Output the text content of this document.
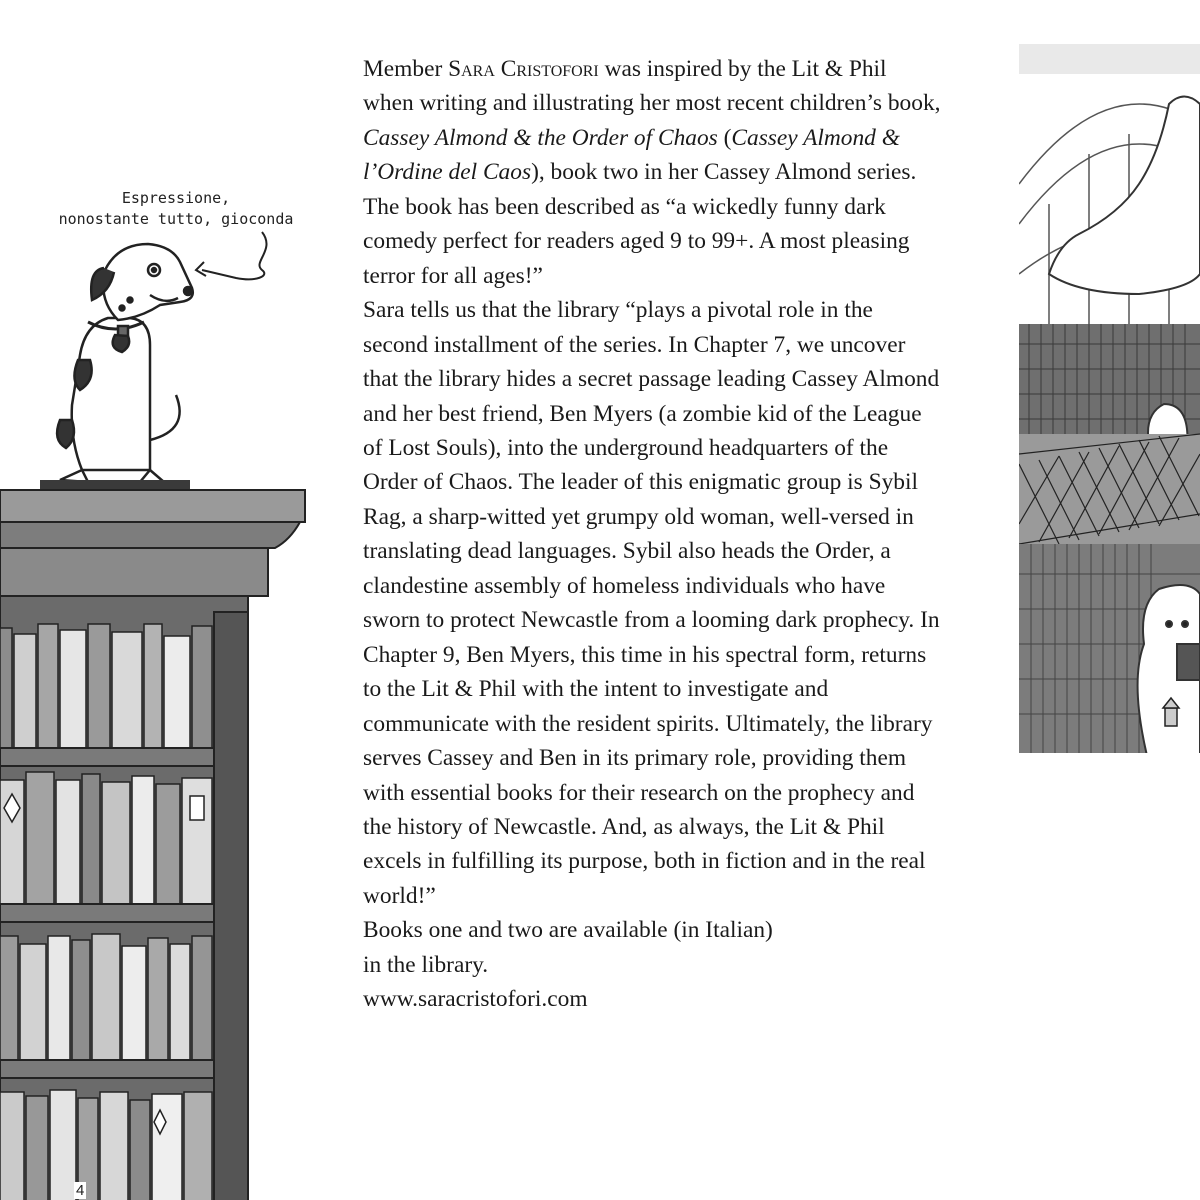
Espressione,
nonostante tutto, gioconda
4

Member Sara Cristofori was inspired by the Lit & Phil when writing and illustrating her most recent children’s book, Cassey Almond & the Order of Chaos (Cassey Almond & l’Ordine del Caos), book two in her Cassey Almond series. The book has been described as “a wickedly funny dark comedy perfect for readers aged 9 to 99+. A most pleasing terror for all ages!”

Sara tells us that the library “plays a pivotal role in the second installment of the series. In Chapter 7, we uncover that the library hides a secret passage leading Cassey Almond and her best friend, Ben Myers (a zombie kid of the League of Lost Souls), into the underground headquarters of the Order of Chaos. The leader of this enigmatic group is Sybil Rag, a sharp-witted yet grumpy old woman, well-versed in translating dead languages. Sybil also heads the Order, a clandestine assembly of homeless individuals who have sworn to protect Newcastle from a looming dark prophecy. In Chapter 9, Ben Myers, this time in his spectral form, returns to the Lit & Phil with the intent to investigate and communicate with the resident spirits. Ultimately, the library serves Cassey and Ben in its primary role, providing them with essential books for their research on the prophecy and the history of Newcastle. And, as always, the Lit & Phil excels in fulfilling its purpose, both in fiction and in the real world!”

Books one and two are available (in Italian)
in the library.
www.saracristofori.com
